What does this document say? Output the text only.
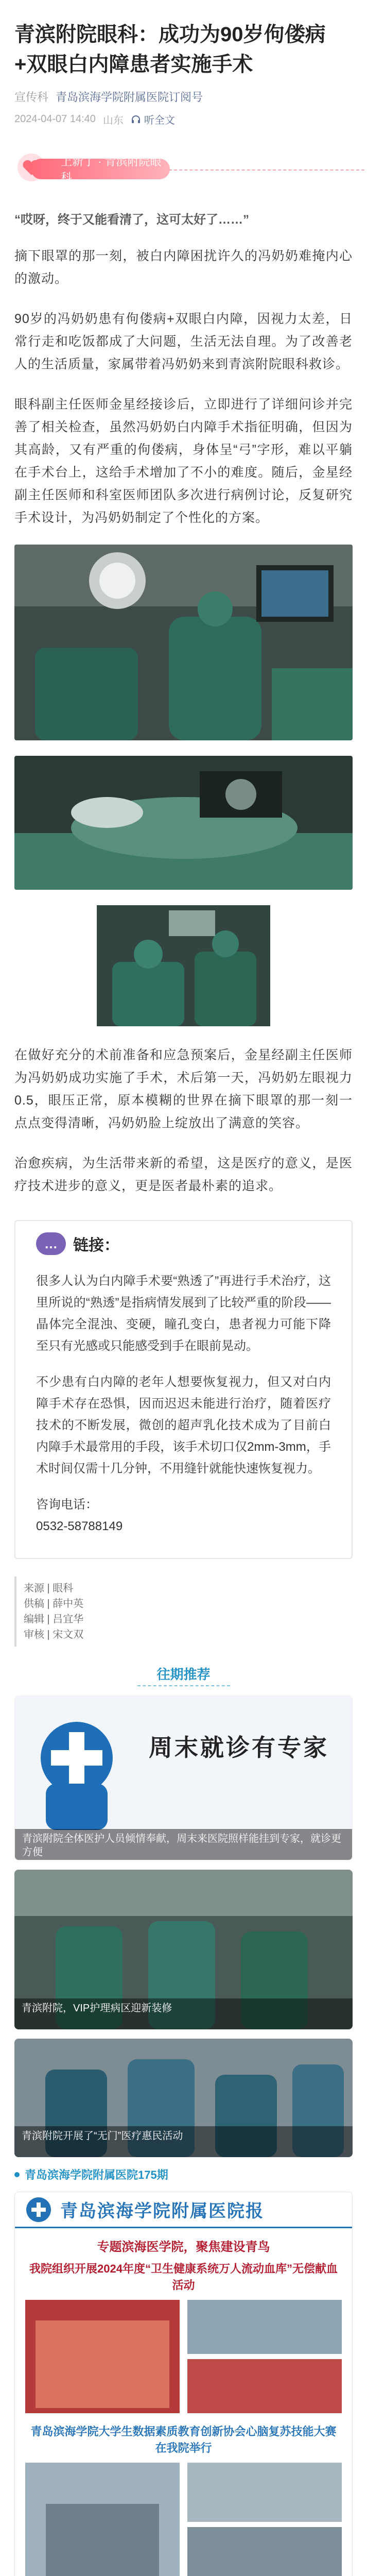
青滨附院眼科：成功为90岁佝偻病+双眼白内障患者实施手术
宣传科 青岛滨海学院附属医院订阅号
2024-04-07 14:40 山东 听全文
上新了 · 青滨附院眼科
“哎呀，终于又能看清了，这可太好了……”

摘下眼罩的那一刻，被白内障困扰许久的冯奶奶难掩内心的激动。

90岁的冯奶奶患有佝偻病+双眼白内障，因视力太差，日常行走和吃饭都成了大问题，生活无法自理。为了改善老人的生活质量，家属带着冯奶奶来到青滨附院眼科救诊。

眼科副主任医师金星经接诊后，立即进行了详细问诊并完善了相关检查，虽然冯奶奶白内障手术指征明确，但因为其高龄，又有严重的佝偻病，身体呈“弓”字形，难以平躺在手术台上，这给手术增加了不小的难度。随后，金星经副主任医师和科室医师团队多次进行病例讨论，反复研究手术设计，为冯奶奶制定了个性化的方案。

在做好充分的术前准备和应急预案后，金星经副主任医师为冯奶奶成功实施了手术，术后第一天，冯奶奶左眼视力0.5，眼压正常，原本模糊的世界在摘下眼罩的那一刻一点点变得清晰，冯奶奶脸上绽放出了满意的笑容。

治愈疾病，为生活带来新的希望，这是医疗的意义，是医疗技术进步的意义，更是医者最朴素的追求。

…	链接：

很多人认为白内障手术要“熟透了”再进行手术治疗，这里所说的“熟透”是指病情发展到了比较严重的阶段——晶体完全混浊、变硬，瞳孔变白，患者视力可能下降至只有光感或只能感受到手在眼前晃动。

不少患有白内障的老年人想要恢复视力，但又对白内障手术存在恐惧，因而迟迟未能进行治疗，随着医疗技术的不断发展，微创的超声乳化技术成为了目前白内障手术最常用的手段，该手术切口仅2mm-3mm，手术时间仅需十几分钟，不用缝针就能快速恢复视力。

咨询电话：
0532-58788149

来源 | 眼科
供稿 | 薛中英
编辑 | 吕宜华
审核 | 宋文双
往期推荐
周末就诊有专家
青滨附院全体医护人员倾情奉献，周末来医院照样能挂到专家，就诊更方便
青滨附院，VIP护理病区迎新装修
青滨附院开展了“无门”医疗惠民活动
青岛滨海学院附属医院175期
青岛滨海学院附属医院报
专题滨海医学院，聚焦建设青鸟
我院组织开展2024年度“卫生健康系统万人流动血库”无偿献血活动
青岛滨海学院大学生数据素质教育创新协会心脑复苏技能大赛在我院举行
